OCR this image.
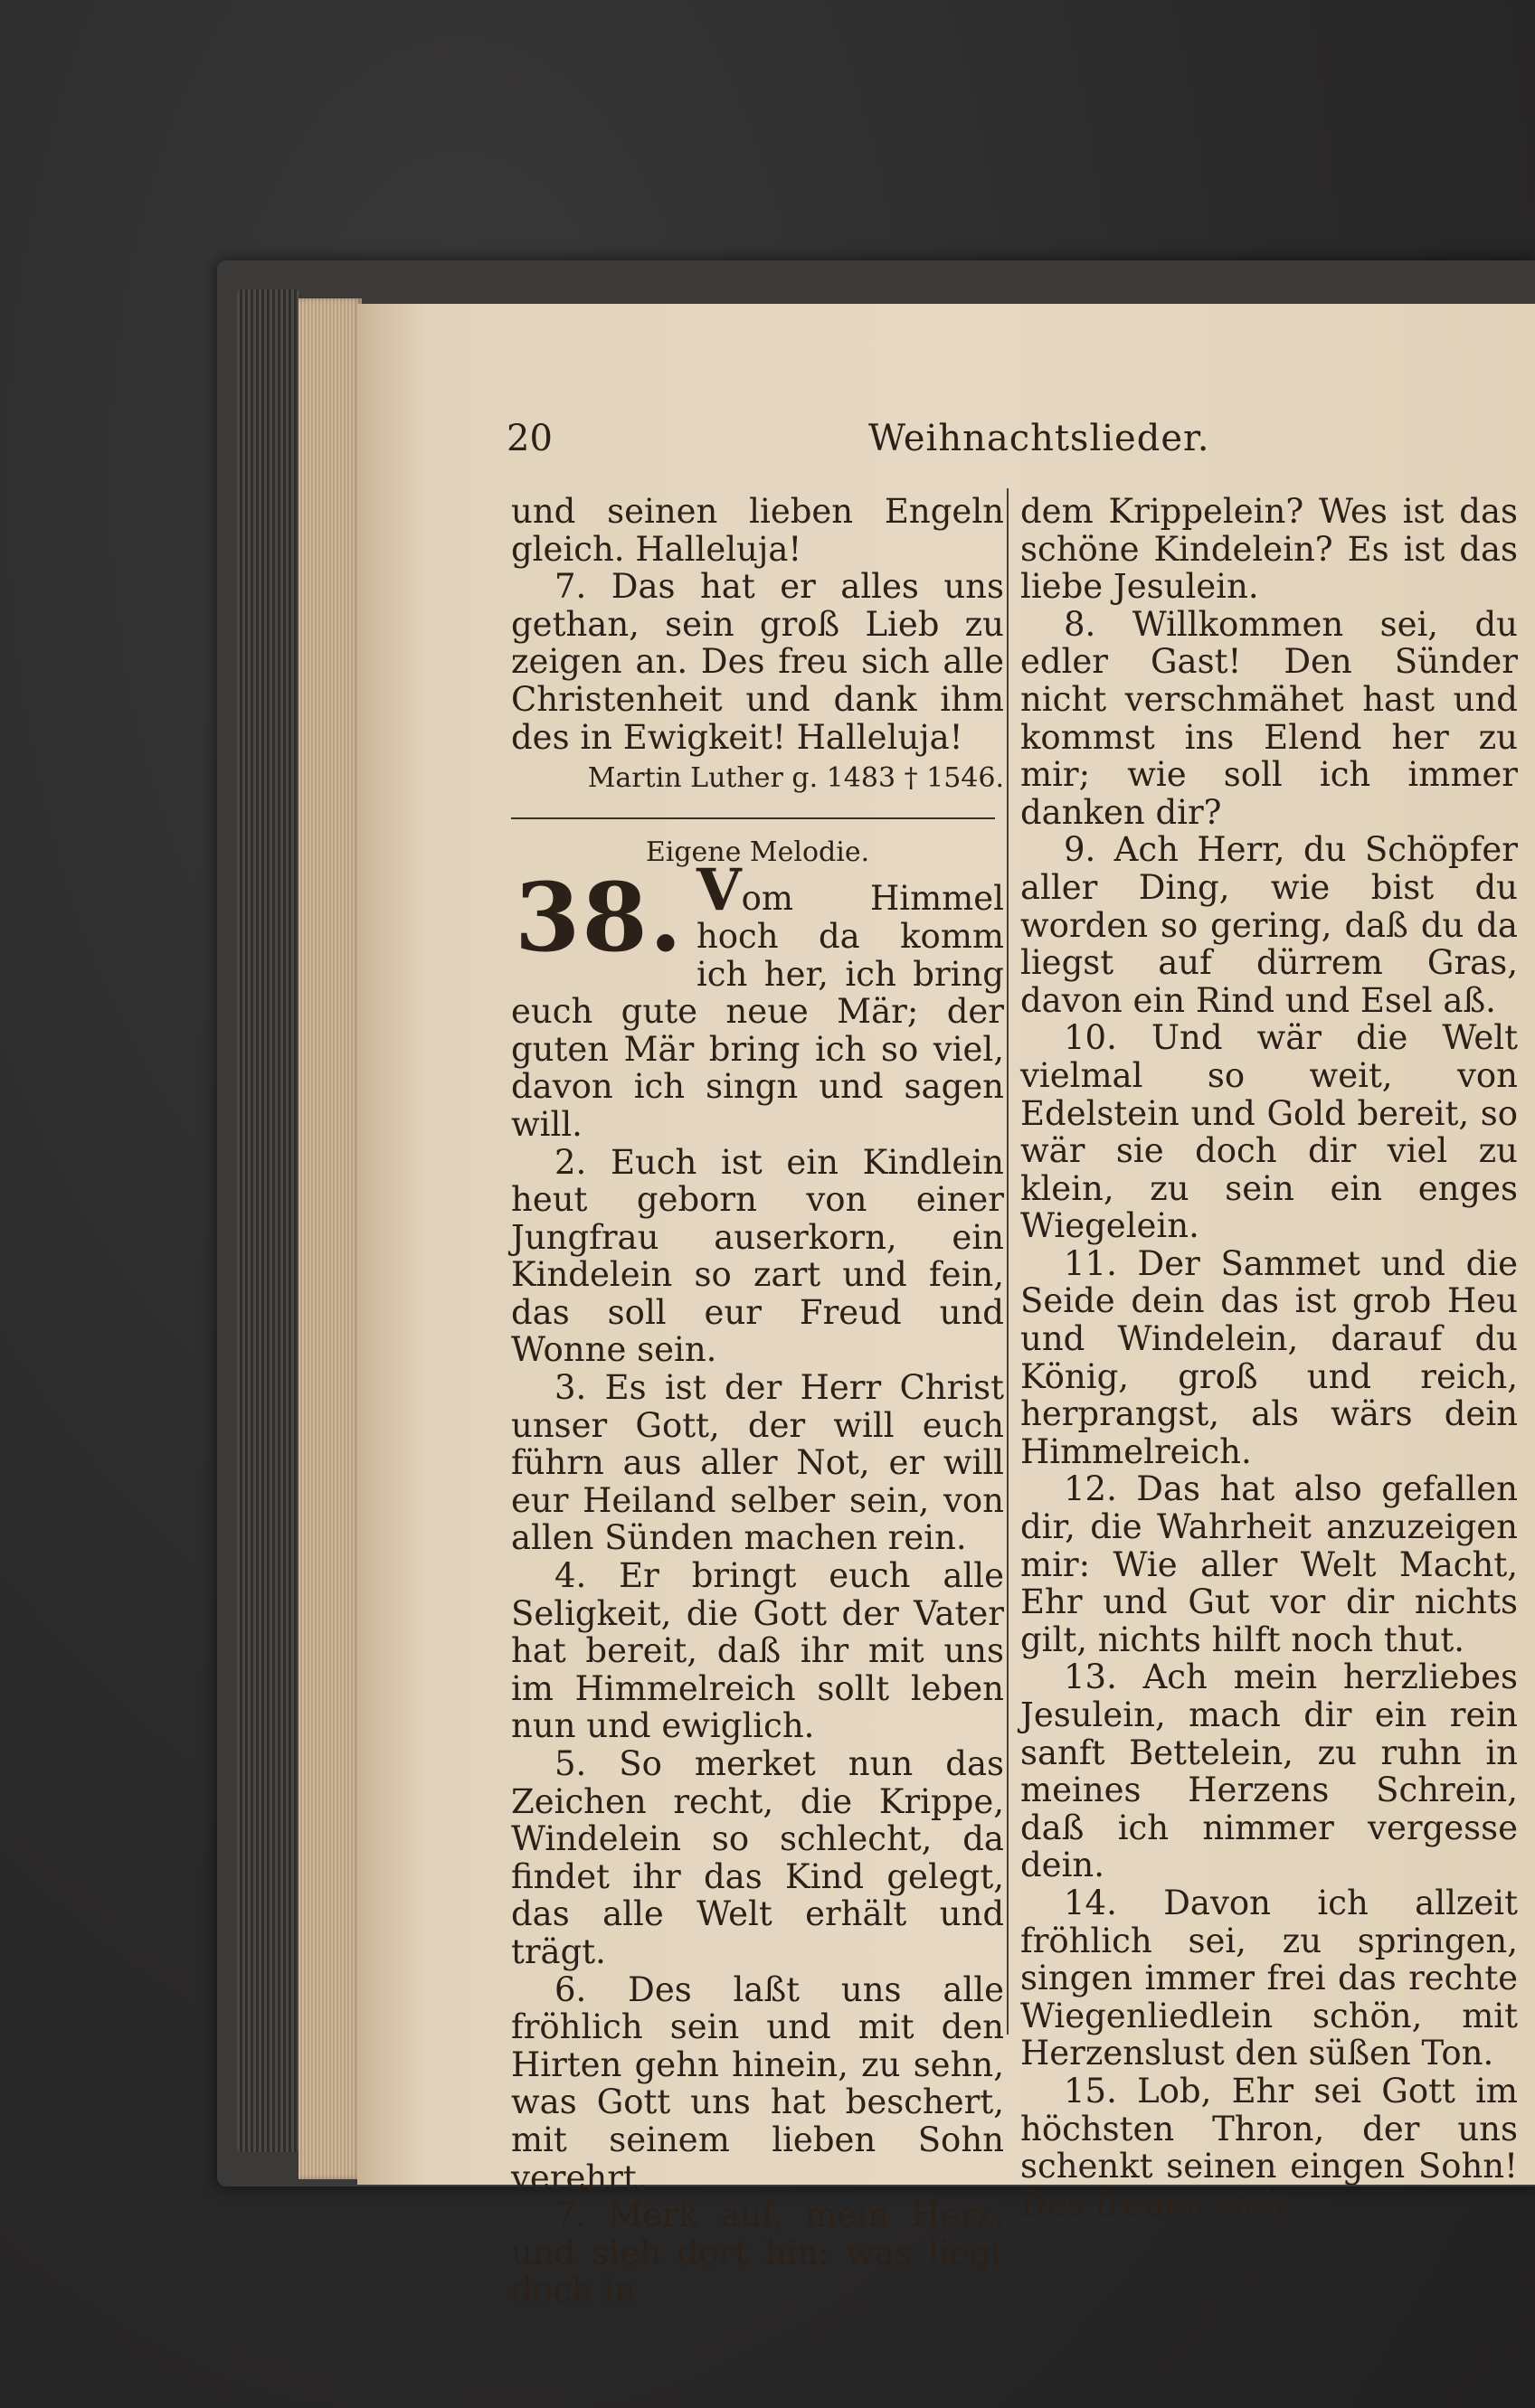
20	Weihnachtslieder.

und seinen lieben Engeln gleich. Halleluja!

7. Das hat er alles uns gethan, sein groß Lieb zu zeigen an. Des freu sich alle Christenheit und dank ihm des in Ewigkeit! Halleluja!

Martin Luther g. 1483 † 1546.

Eigene Melodie.

38. Vom Himmel hoch da komm ich her, ich bring euch gute neue Mär; der guten Mär bring ich so viel, davon ich singn und sagen will.

2. Euch ist ein Kindlein heut geborn von einer Jungfrau auserkorn, ein Kindelein so zart und fein, das soll eur Freud und Wonne sein.

3. Es ist der Herr Christ unser Gott, der will euch führn aus aller Not, er will eur Heiland selber sein, von allen Sünden machen rein.

4. Er bringt euch alle Seligkeit, die Gott der Vater hat bereit, daß ihr mit uns im Himmelreich sollt leben nun und ewiglich.

5. So merket nun das Zeichen recht, die Krippe, Windelein so schlecht, da findet ihr das Kind gelegt, das alle Welt erhält und trägt.

6. Des laßt uns alle fröhlich sein und mit den Hirten gehn hinein, zu sehn, was Gott uns hat beschert, mit seinem lieben Sohn verehrt.

7. Merk auf, mein Herz, und sieh dort hin: was liegt doch in

dem Krippelein? Wes ist das schöne Kindelein? Es ist das liebe Jesulein.

8. Willkommen sei, du edler Gast! Den Sünder nicht verschmähet hast und kommst ins Elend her zu mir; wie soll ich immer danken dir?

9. Ach Herr, du Schöpfer aller Ding, wie bist du worden so gering, daß du da liegst auf dürrem Gras, davon ein Rind und Esel aß.

10. Und wär die Welt vielmal so weit, von Edelstein und Gold bereit, so wär sie doch dir viel zu klein, zu sein ein enges Wiegelein.

11. Der Sammet und die Seide dein das ist grob Heu und Windelein, darauf du König, groß und reich, herprangst, als wärs dein Himmelreich.

12. Das hat also gefallen dir, die Wahrheit anzuzeigen mir: Wie aller Welt Macht, Ehr und Gut vor dir nichts gilt, nichts hilft noch thut.

13. Ach mein herzliebes Jesulein, mach dir ein rein sanft Bettelein, zu ruhn in meines Herzens Schrein, daß ich nimmer vergesse dein.

14. Davon ich allzeit fröhlich sei, zu springen, singen immer frei das rechte Wiegenliedlein schön, mit Herzenslust den süßen Ton.

15. Lob, Ehr sei Gott im höchsten Thron, der uns schenkt seinen eingen Sohn! Des freuen sich
